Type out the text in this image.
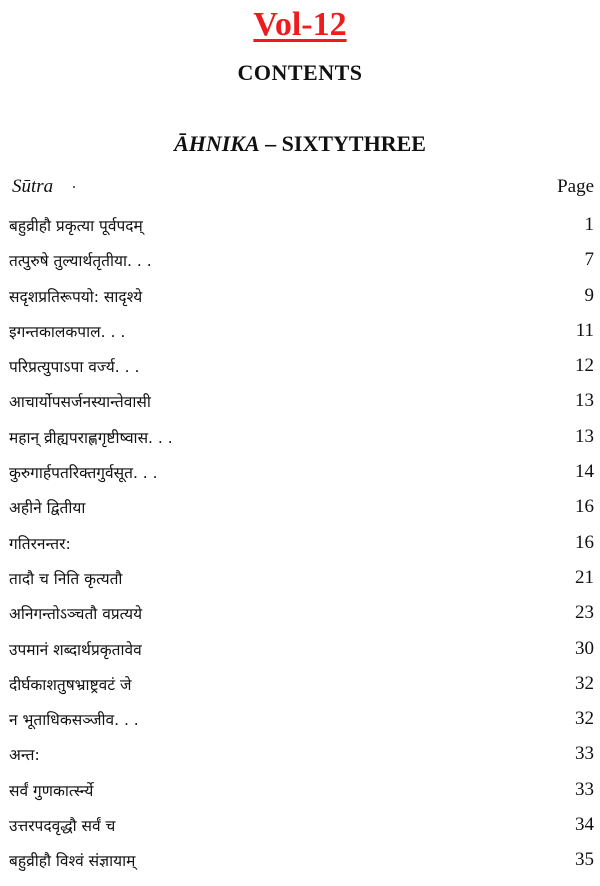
Vol-12
CONTENTS
ĀHNIKA – SIXTYTHREE
Sūtra	Page
बहुव्रीहौ प्रकृत्या पूर्वपदम्	1
तत्पुरुषे तुल्यार्थतृतीया. . .	7
सदृशप्रतिरूपयो: सादृश्ये	9
इगन्तकालकपाल. . .	11
परिप्रत्युपाऽपा वर्ज्य. . .	12
आचार्योपसर्जनस्यान्तेवासी	13
महान् व्रीह्यपराह्णगृष्टीष्वास. . .	13
कुरुगार्हपतरिक्तगुर्वसूत. . .	14
अहीने द्वितीया	16
गतिरनन्तर:	16
तादौ च निति कृत्यतौ	21
अनिगन्तोऽञ्चतौ वप्रत्यये	23
उपमानं शब्दार्थप्रकृतावेव	30
दीर्घकाशतुषभ्राष्ट्रवटं जे	32
न भूताधिकसञ्जीव. . .	32
अन्त:	33
सर्वं गुणकार्त्स्न्ये	33
उत्तरपदवृद्धौ सर्वं च	34
बहुव्रीहौ विश्वं संज्ञायाम्	35
